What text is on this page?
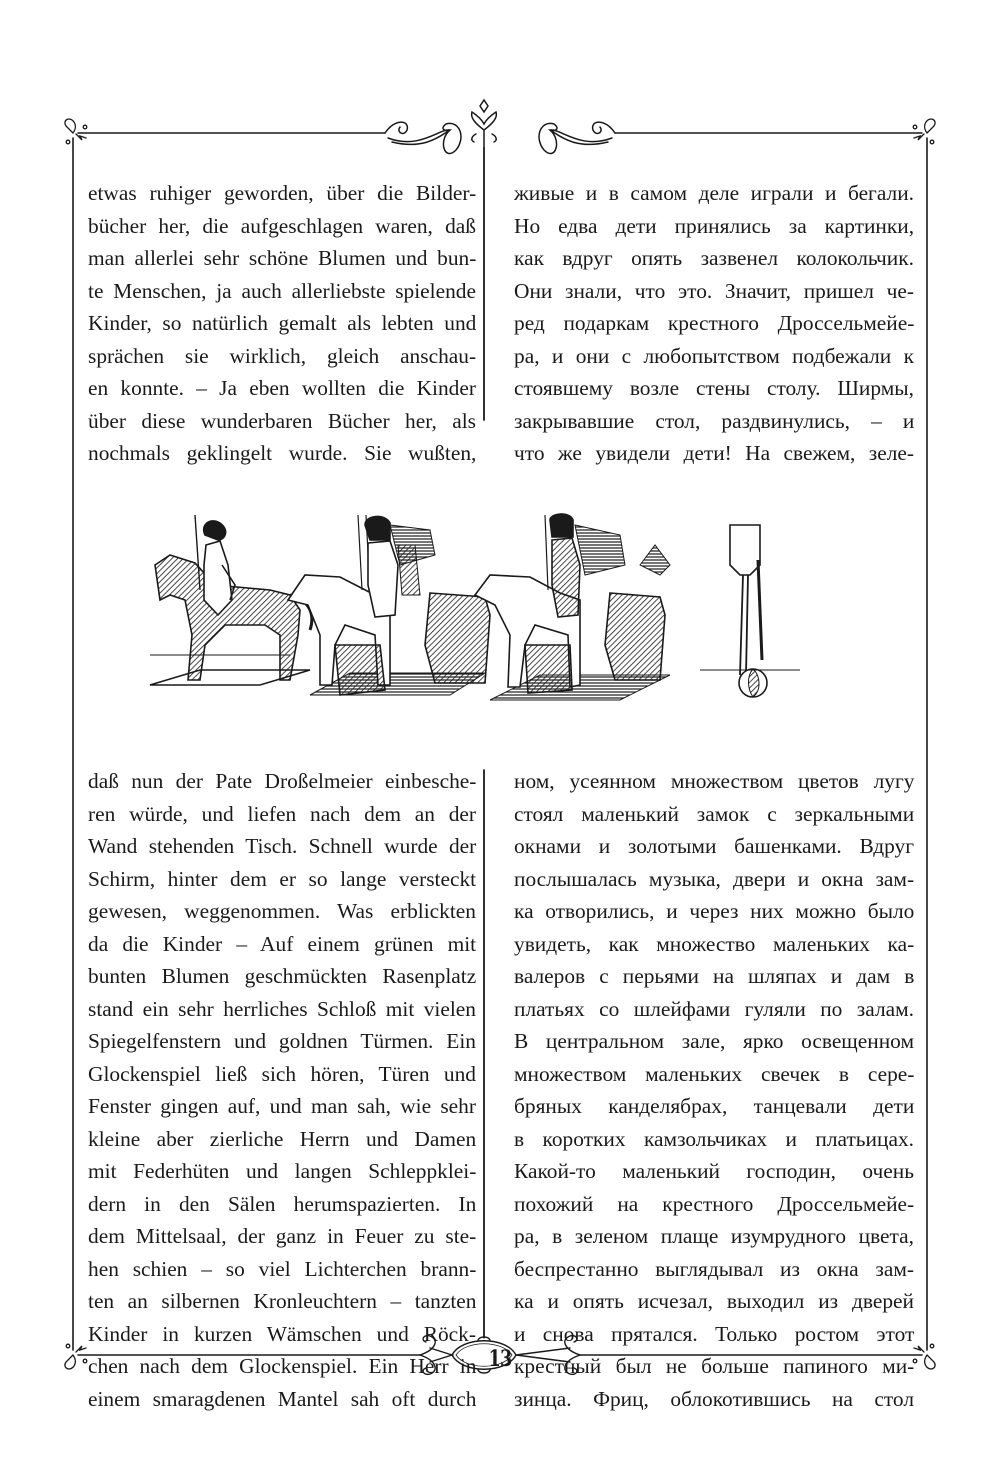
etwas ruhiger geworden, über die Bilder-
bücher her, die aufgeschlagen waren, daß
man allerlei sehr schöne Blumen und bun-
te Menschen, ja auch allerliebste spielende
Kinder, so natürlich gemalt als lebten und
sprächen sie wirklich, gleich anschau-
en konnte. – Ja eben wollten die Kinder
über diese wunderbaren Bücher her, als
nochmals geklingelt wurde. Sie wußten,
живые и в самом деле играли и бегали.
Но едва дети принялись за картинки,
как вдруг опять зазвенел колокольчик.
Они знали, что это. Значит, пришел че-
ред подаркам крестного Дроссельмейе-
ра, и они с любопытством подбежали к
стоявшему возле стены столу. Ширмы,
закрывавшие стол, раздвинулись, – и
что же увидели дети! На свежем, зеле-
daß nun der Pate Droßelmeier einbesche-
ren würde, und liefen nach dem an der
Wand stehenden Tisch. Schnell wurde der
Schirm, hinter dem er so lange versteckt
gewesen, weggenommen. Was erblickten
da die Kinder – Auf einem grünen mit
bunten Blumen geschmückten Rasenplatz
stand ein sehr herrliches Schloß mit vielen
Spiegelfenstern und goldnen Türmen. Ein
Glockenspiel ließ sich hören, Türen und
Fenster gingen auf, und man sah, wie sehr
kleine aber zierliche Herrn und Damen
mit Federhüten und langen Schleppklei-
dern in den Sälen herumspazierten. In
dem Mittelsaal, der ganz in Feuer zu ste-
hen schien – so viel Lichterchen brann-
ten an silbernen Kronleuchtern – tanzten
Kinder in kurzen Wämschen und Röck-
chen nach dem Glockenspiel. Ein Herr in
einem smaragdenen Mantel sah oft durch
ном, усеянном множеством цветов лугу
стоял маленький замок с зеркальными
окнами и золотыми башенками. Вдруг
послышалась музыка, двери и окна зам-
ка отворились, и через них можно было
увидеть, как множество маленьких ка-
валеров с перьями на шляпах и дам в
платьях со шлейфами гуляли по залам.
В центральном зале, ярко освещенном
множеством маленьких свечек в сере-
бряных канделябрах, танцевали дети
в коротких камзольчиках и платьицах.
Какой-то маленький господин, очень
похожий на крестного Дроссельмейе-
ра, в зеленом плаще изумрудного цвета,
беспрестанно выглядывал из окна зам-
ка и опять исчезал, выходил из дверей
и снова прятался. Только ростом этот
крестный был не больше папиного ми-
зинца. Фриц, облокотившись на стол
13
